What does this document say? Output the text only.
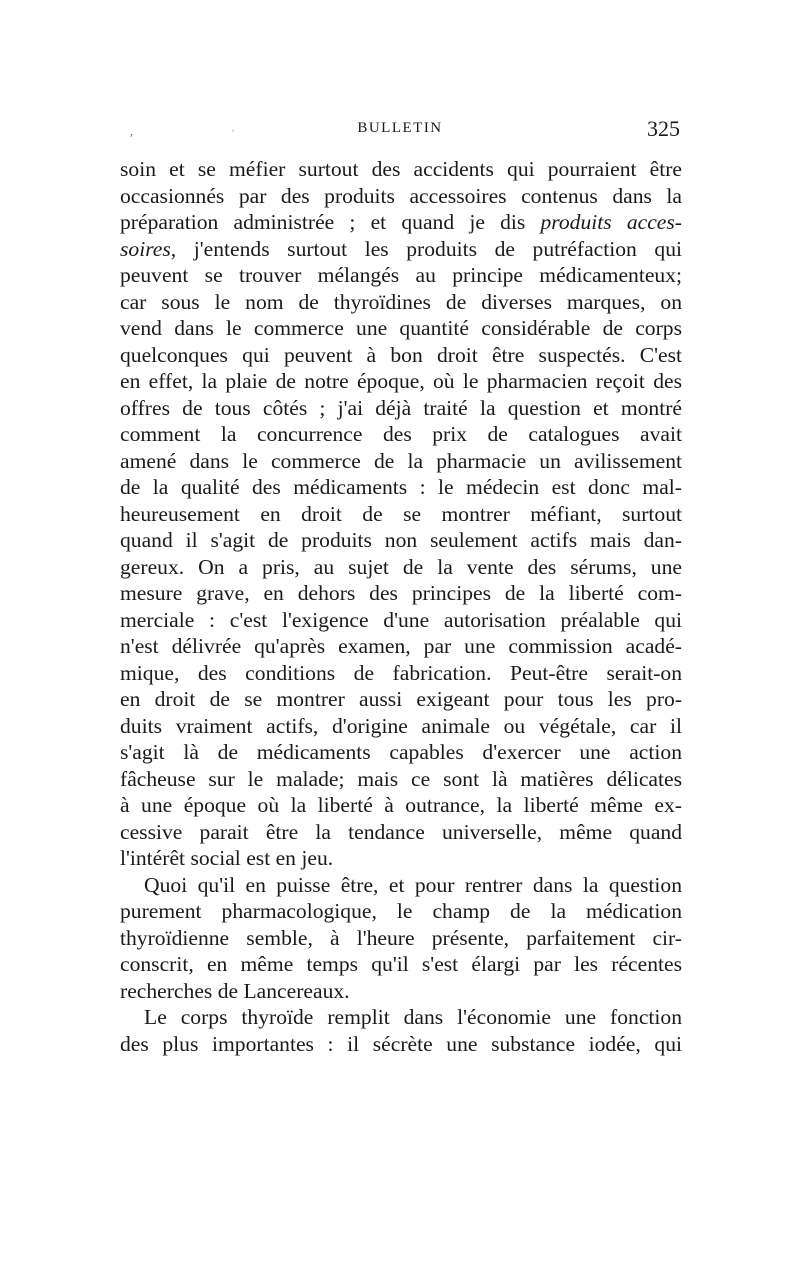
,	'	BULLETIN	325
soin et se méfier surtout des accidents qui pourraient être
occasionnés par des produits accessoires contenus dans la
préparation administrée ; et quand je dis produits acces-
soires, j'entends surtout les produits de putréfaction qui
peuvent se trouver mélangés au principe médicamenteux;
car sous le nom de thyroïdines de diverses marques, on
vend dans le commerce une quantité considérable de corps
quelconques qui peuvent à bon droit être suspectés. C'est
en effet, la plaie de notre époque, où le pharmacien reçoit des
offres de tous côtés ; j'ai déjà traité la question et montré
comment la concurrence des prix de catalogues avait
amené dans le commerce de la pharmacie un avilissement
de la qualité des médicaments : le médecin est donc mal-
heureusement en droit de se montrer méfiant, surtout
quand il s'agit de produits non seulement actifs mais dan-
gereux. On a pris, au sujet de la vente des sérums, une
mesure grave, en dehors des principes de la liberté com-
merciale : c'est l'exigence d'une autorisation préalable qui
n'est délivrée qu'après examen, par une commission acadé-
mique, des conditions de fabrication. Peut-être serait-on
en droit de se montrer aussi exigeant pour tous les pro-
duits vraiment actifs, d'origine animale ou végétale, car il
s'agit là de médicaments capables d'exercer une action
fâcheuse sur le malade; mais ce sont là matières délicates
à une époque où la liberté à outrance, la liberté même ex-
cessive parait être la tendance universelle, même quand
l'intérêt social est en jeu.
Quoi qu'il en puisse être, et pour rentrer dans la question
purement pharmacologique, le champ de la médication
thyroïdienne semble, à l'heure présente, parfaitement cir-
conscrit, en même temps qu'il s'est élargi par les récentes
recherches de Lancereaux.
Le corps thyroïde remplit dans l'économie une fonction
des plus importantes : il sécrète une substance iodée, qui
